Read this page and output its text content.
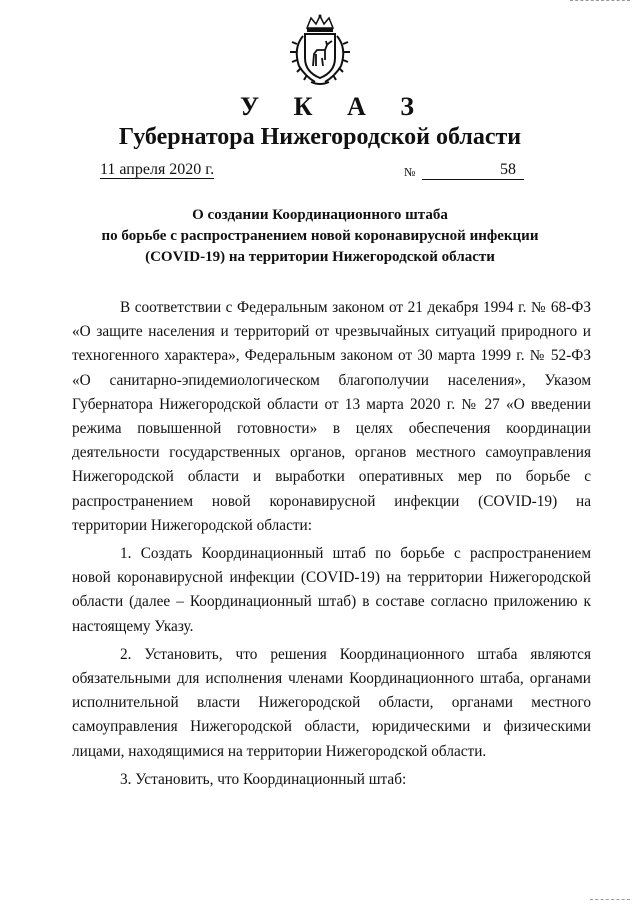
У К А З
Губернатора Нижегородской области
11 апреля 2020 г.	№	58
О создании Координационного штаба
по борьбе с распространением новой коронавирусной инфекции
(COVID-19) на территории Нижегородской области

В соответствии с Федеральным законом от 21 декабря 1994 г. № 68-ФЗ «О защите населения и территорий от чрезвычайных ситуаций природного и техногенного характера», Федеральным законом от 30 марта 1999 г. № 52-ФЗ «О санитарно-эпидемиологическом благополучии населения», Указом Губернатора Нижегородской области от 13 марта 2020 г. № 27 «О введении режима повышенной готовности» в целях обеспечения координации деятельности государственных органов, органов местного самоуправления Нижегородской области и выработки оперативных мер по борьбе с распространением новой коронавирусной инфекции (COVID-19) на территории Нижегородской области:

1. Создать Координационный штаб по борьбе с распространением новой коронавирусной инфекции (COVID-19) на территории Нижегородской области (далее – Координационный штаб) в составе согласно приложению к настоящему Указу.

2. Установить, что решения Координационного штаба являются обязательными для исполнения членами Координационного штаба, органами исполнительной власти Нижегородской области, органами местного самоуправления Нижегородской области, юридическими и физическими лицами, находящимися на территории Нижегородской области.

3. Установить, что Координационный штаб:
